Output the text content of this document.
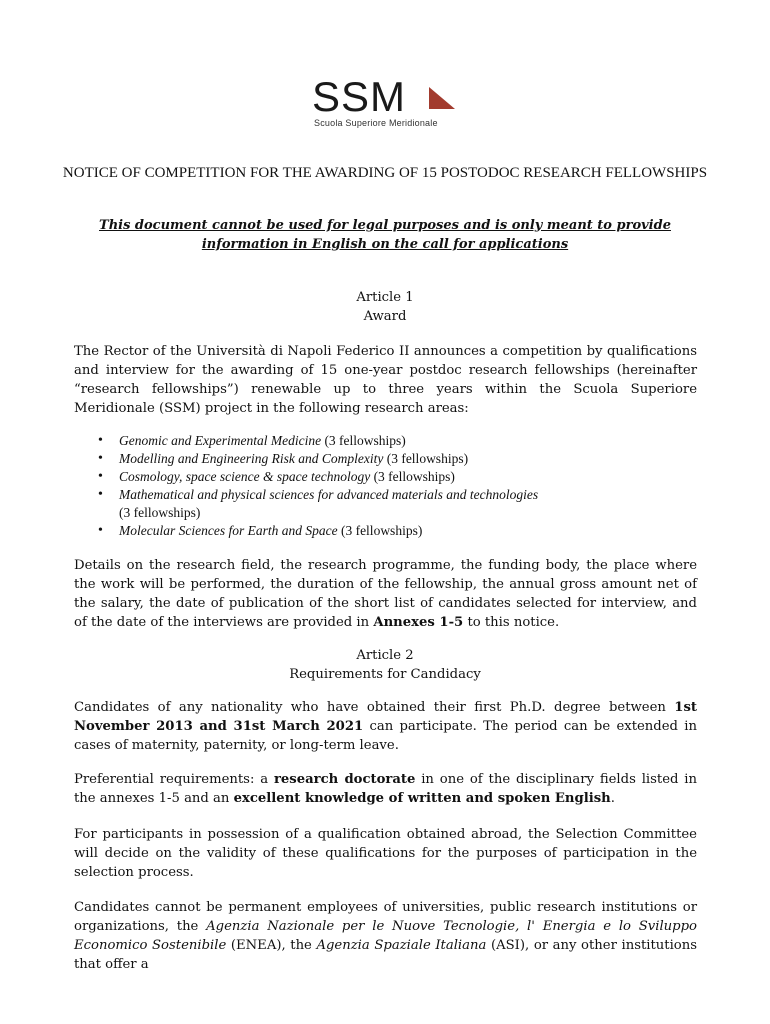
SSM
Scuola Superiore Meridionale
NOTICE OF COMPETITION FOR THE AWARDING OF 15 POSTODOC RESEARCH FELLOWSHIPS
This document cannot be used for legal purposes and is only meant to provide information in English on the call for applications
Article 1
Award
The Rector of the Università di Napoli Federico II announces a competition by qualifications and interview for the awarding of 15 one-year postdoc research fellowships (hereinafter “research fellowships”) renewable up to three years within the Scuola Superiore Meridionale (SSM) project in the following research areas:
• Genomic and Experimental Medicine (3 fellowships)
• Modelling and Engineering Risk and Complexity (3 fellowships)
• Cosmology, space science & space technology (3 fellowships)
• Mathematical and physical sciences for advanced materials and technologies
(3 fellowships)
• Molecular Sciences for Earth and Space (3 fellowships)
Details on the research field, the research programme, the funding body, the place where the work will be performed, the duration of the fellowship, the annual gross amount net of the salary, the date of publication of the short list of candidates selected for interview, and of the date of the interviews are provided in Annexes 1-5 to this notice.
Article 2
Requirements for Candidacy
Candidates of any nationality who have obtained their first Ph.D. degree between 1st November 2013 and 31st March 2021 can participate. The period can be extended in cases of maternity, paternity, or long-term leave.
Preferential requirements: a research doctorate in one of the disciplinary fields listed in the annexes 1-5 and an excellent knowledge of written and spoken English.
For participants in possession of a qualification obtained abroad, the Selection Committee will decide on the validity of these qualifications for the purposes of participation in the selection process.
Candidates cannot be permanent employees of universities, public research institutions or organizations, the Agenzia Nazionale per le Nuove Tecnologie, l' Energia e lo Sviluppo Economico Sostenibile (ENEA), the Agenzia Spaziale Italiana (ASI), or any other institutions that offer a
